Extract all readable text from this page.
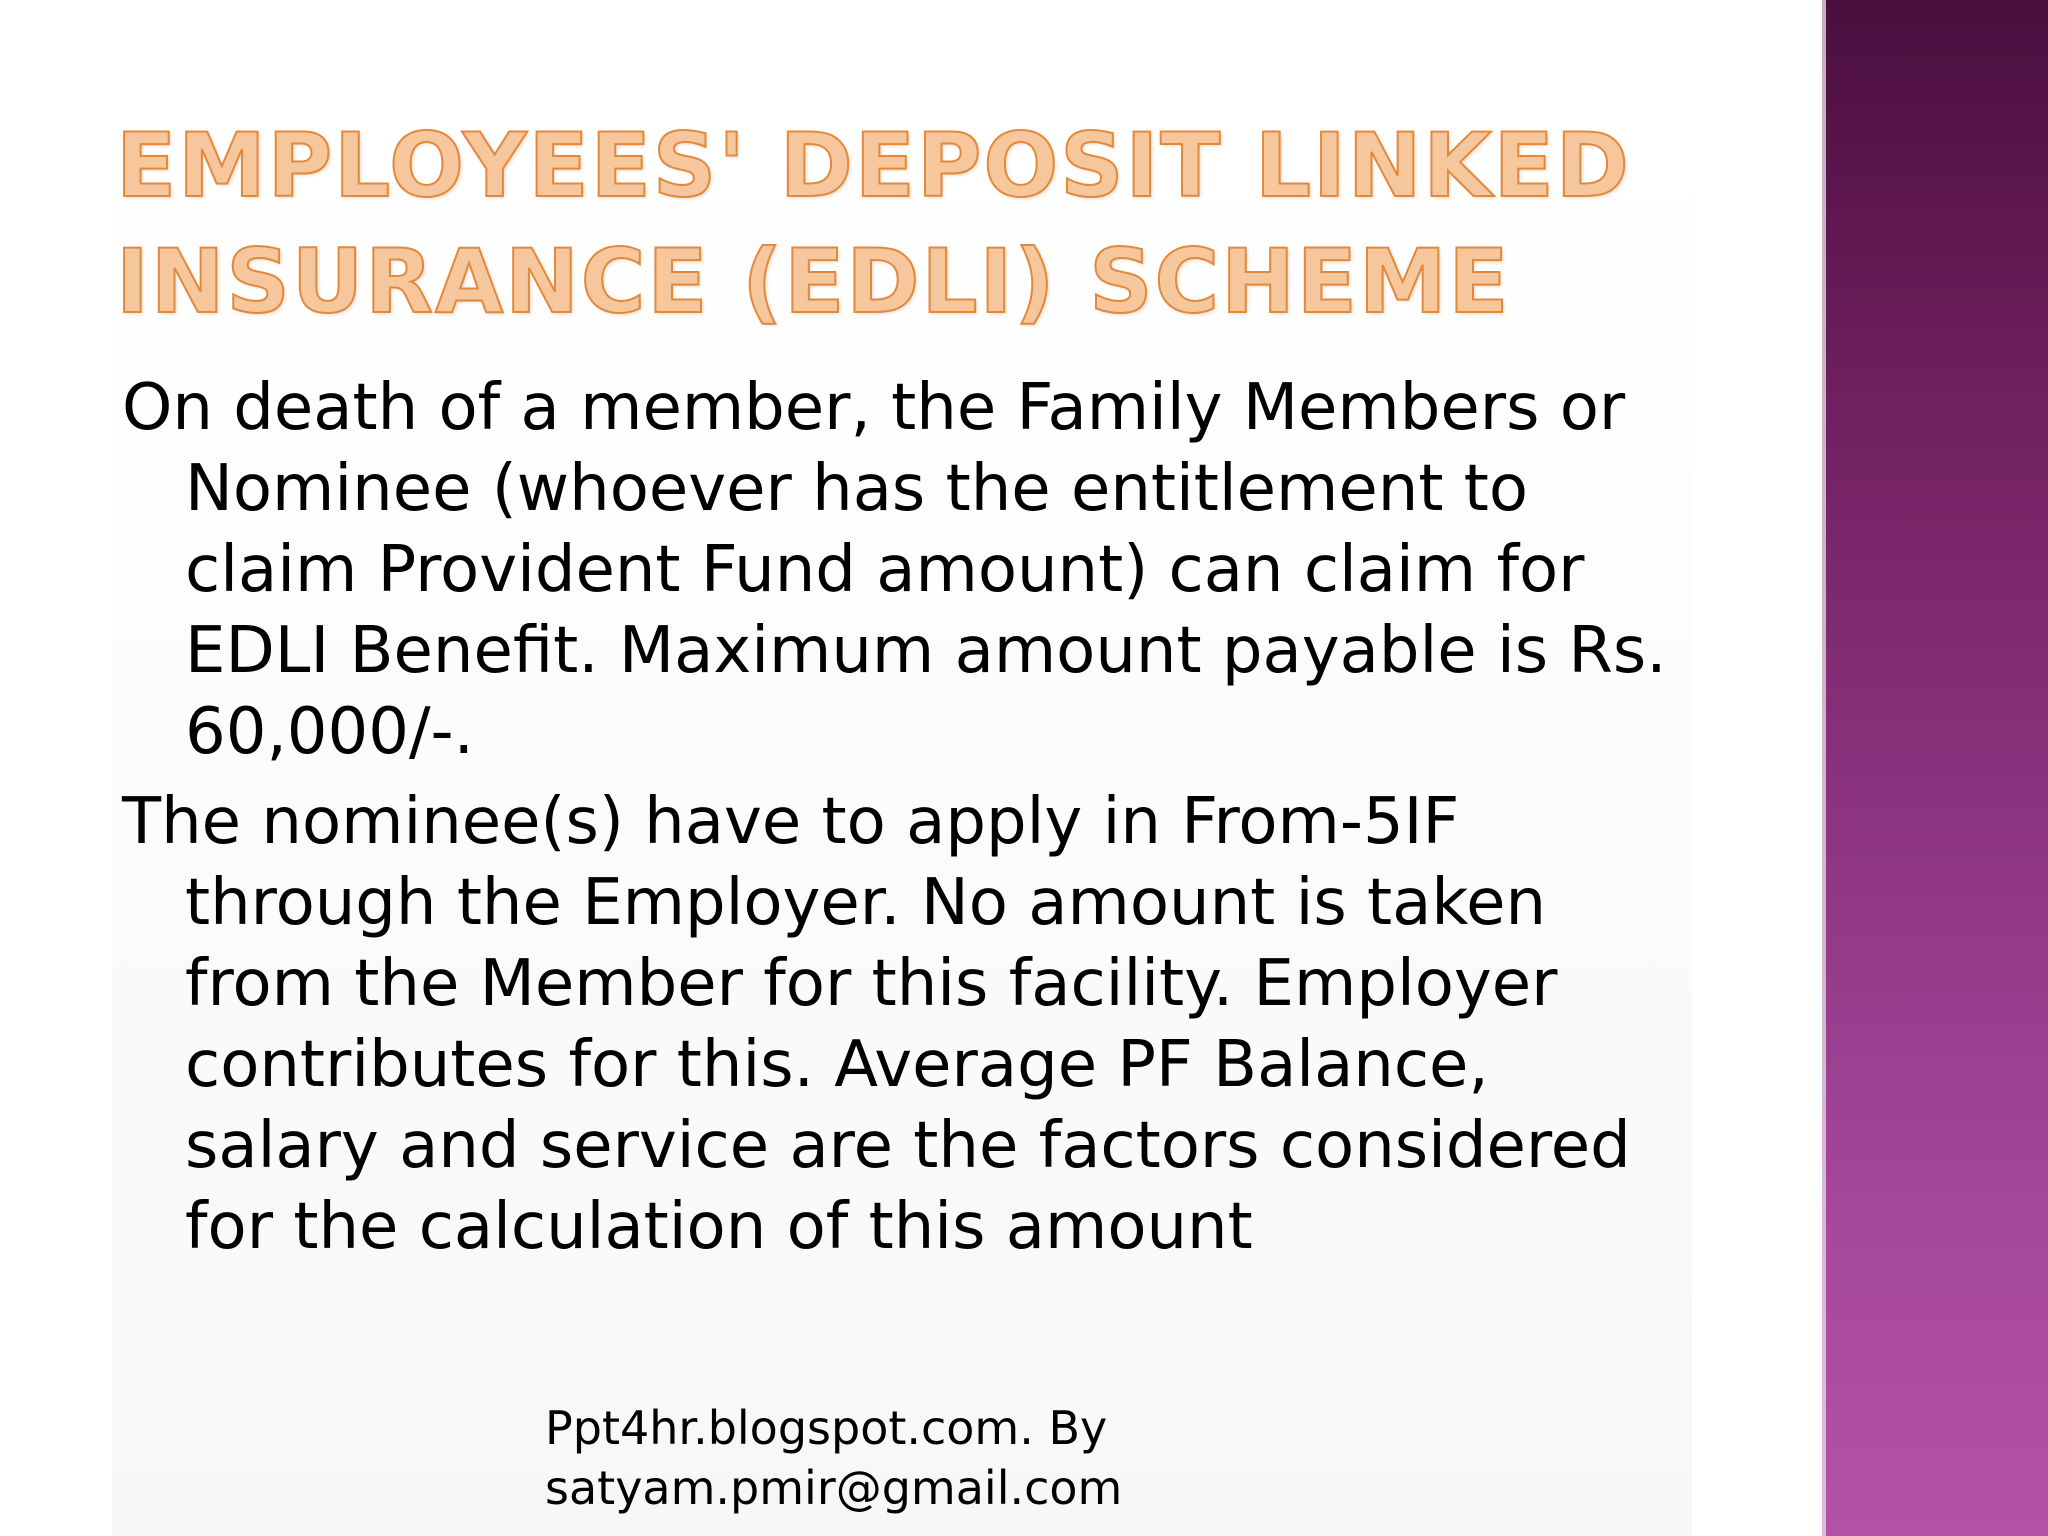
EMPLOYEES' DEPOSIT LINKED
INSURANCE (EDLI) SCHEME

On death of a member, the Family Members or Nominee (whoever has the entitlement to claim Provident Fund amount) can claim for EDLI Benefit. Maximum amount payable is Rs. 60,000/-.

The nominee(s) have to apply in From-5IF through the Employer. No amount is taken from the Member for this facility. Employer contributes for this. Average PF Balance, salary and service are the factors considered for the calculation of this amount

Ppt4hr.blogspot.com. By
satyam.pmir@gmail.com
